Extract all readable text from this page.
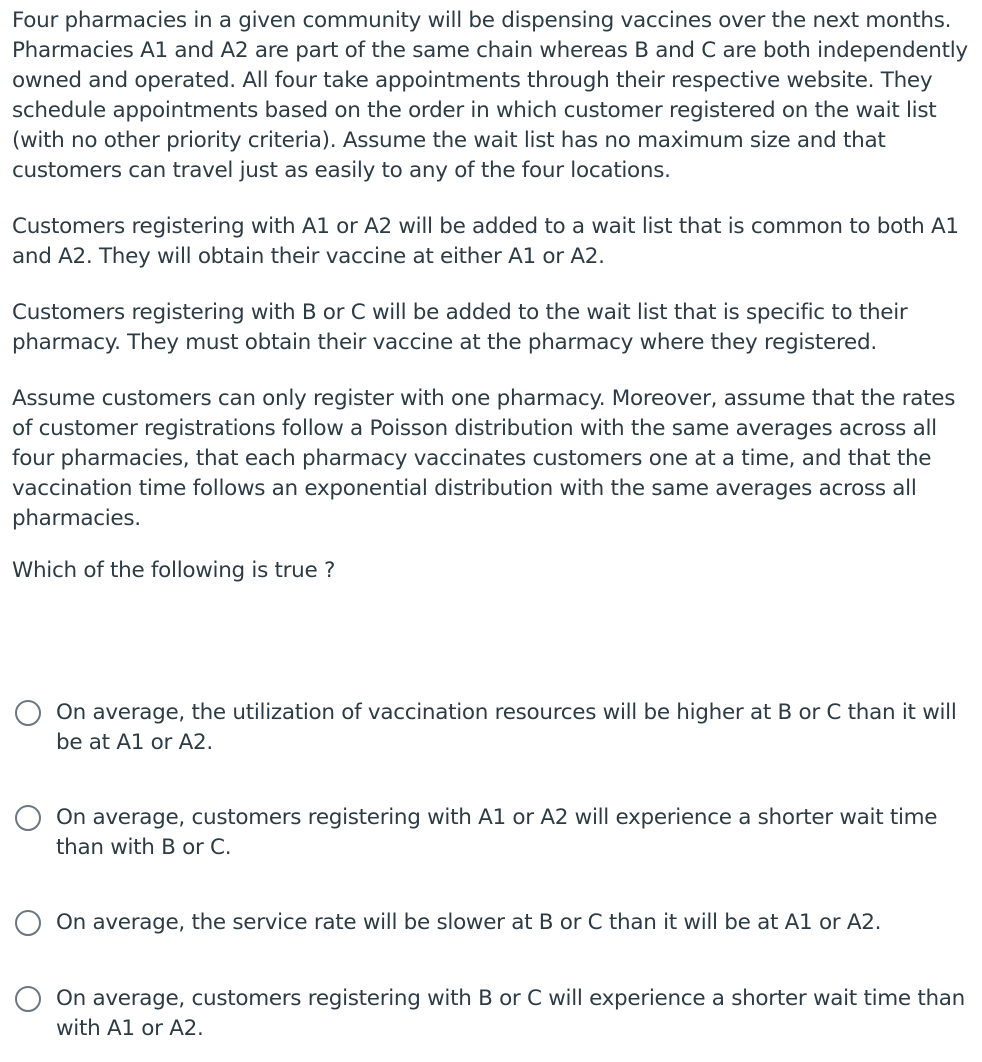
Four pharmacies in a given community will be dispensing vaccines over the next months. Pharmacies A1 and A2 are part of the same chain whereas B and C are both independently owned and operated. All four take appointments through their respective website. They schedule appointments based on the order in which customer registered on the wait list (with no other priority criteria). Assume the wait list has no maximum size and that customers can travel just as easily to any of the four locations.

Customers registering with A1 or A2 will be added to a wait list that is common to both A1 and A2. They will obtain their vaccine at either A1 or A2.

Customers registering with B or C will be added to the wait list that is specific to their pharmacy. They must obtain their vaccine at the pharmacy where they registered.

Assume customers can only register with one pharmacy. Moreover, assume that the rates of customer registrations follow a Poisson distribution with the same averages across all four pharmacies, that each pharmacy vaccinates customers one at a time, and that the vaccination time follows an exponential distribution with the same averages across all pharmacies.

Which of the following is true ?

On average, the utilization of vaccination resources will be higher at B or C than it will be at A1 or A2.
On average, customers registering with A1 or A2 will experience a shorter wait time than with B or C.
On average, the service rate will be slower at B or C than it will be at A1 or A2.
On average, customers registering with B or C will experience a shorter wait time than with A1 or A2.
